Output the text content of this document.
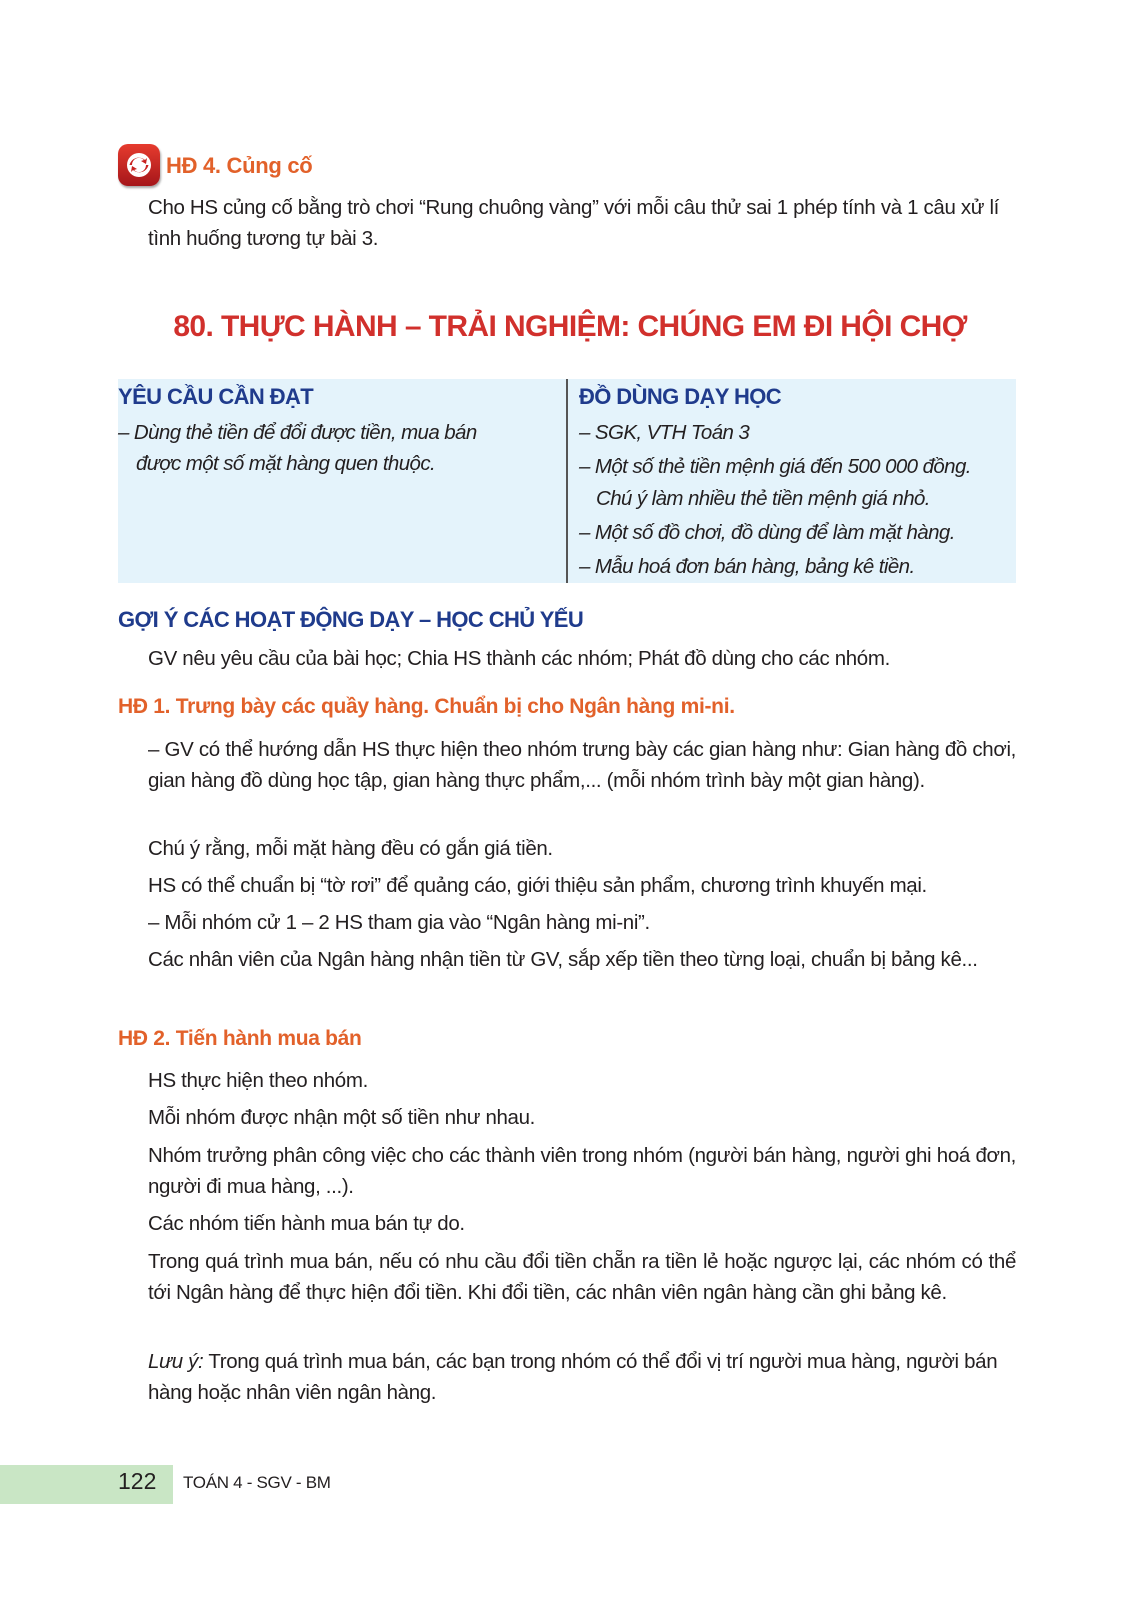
HĐ 4. Củng cố

Cho HS củng cố bằng trò chơi “Rung chuông vàng” với mỗi câu thử sai 1 phép tính và 1 câu xử lí tình huống tương tự bài 3.

80. THỰC HÀNH – TRẢI NGHIỆM: CHÚNG EM ĐI HỘI CHỢ
YÊU CẦU CẦN ĐẠT

– Dùng thẻ tiền để đổi được tiền, mua bán

được một số mặt hàng quen thuộc.

ĐỒ DÙNG DẠY HỌC

– SGK, VTH Toán 3

– Một số thẻ tiền mệnh giá đến 500 000 đồng.

Chú ý làm nhiều thẻ tiền mệnh giá nhỏ.

– Một số đồ chơi, đồ dùng để làm mặt hàng.

– Mẫu hoá đơn bán hàng, bảng kê tiền.

GỢI Ý CÁC HOẠT ĐỘNG DẠY – HỌC CHỦ YẾU

GV nêu yêu cầu của bài học; Chia HS thành các nhóm; Phát đồ dùng cho các nhóm.

HĐ 1. Trưng bày các quầy hàng. Chuẩn bị cho Ngân hàng mi-ni.

– GV có thể hướng dẫn HS thực hiện theo nhóm trưng bày các gian hàng như: Gian hàng đồ chơi, gian hàng đồ dùng học tập, gian hàng thực phẩm,... (mỗi nhóm trình bày một gian hàng).

Chú ý rằng, mỗi mặt hàng đều có gắn giá tiền.

HS có thể chuẩn bị “tờ rơi” để quảng cáo, giới thiệu sản phẩm, chương trình khuyến mại.

– Mỗi nhóm cử 1 – 2 HS tham gia vào “Ngân hàng mi-ni”.

Các nhân viên của Ngân hàng nhận tiền từ GV, sắp xếp tiền theo từng loại, chuẩn bị bảng kê...

HĐ 2. Tiến hành mua bán

HS thực hiện theo nhóm.

Mỗi nhóm được nhận một số tiền như nhau.

Nhóm trưởng phân công việc cho các thành viên trong nhóm (người bán hàng, người ghi hoá đơn, người đi mua hàng, ...).

Các nhóm tiến hành mua bán tự do.

Trong quá trình mua bán, nếu có nhu cầu đổi tiền chẵn ra tiền lẻ hoặc ngược lại, các nhóm có thể tới Ngân hàng để thực hiện đổi tiền. Khi đổi tiền, các nhân viên ngân hàng cần ghi bảng kê.

Lưu ý: Trong quá trình mua bán, các bạn trong nhóm có thể đổi vị trí người mua hàng, người bán hàng hoặc nhân viên ngân hàng.

122 TOÁN 4 - SGV - BM
